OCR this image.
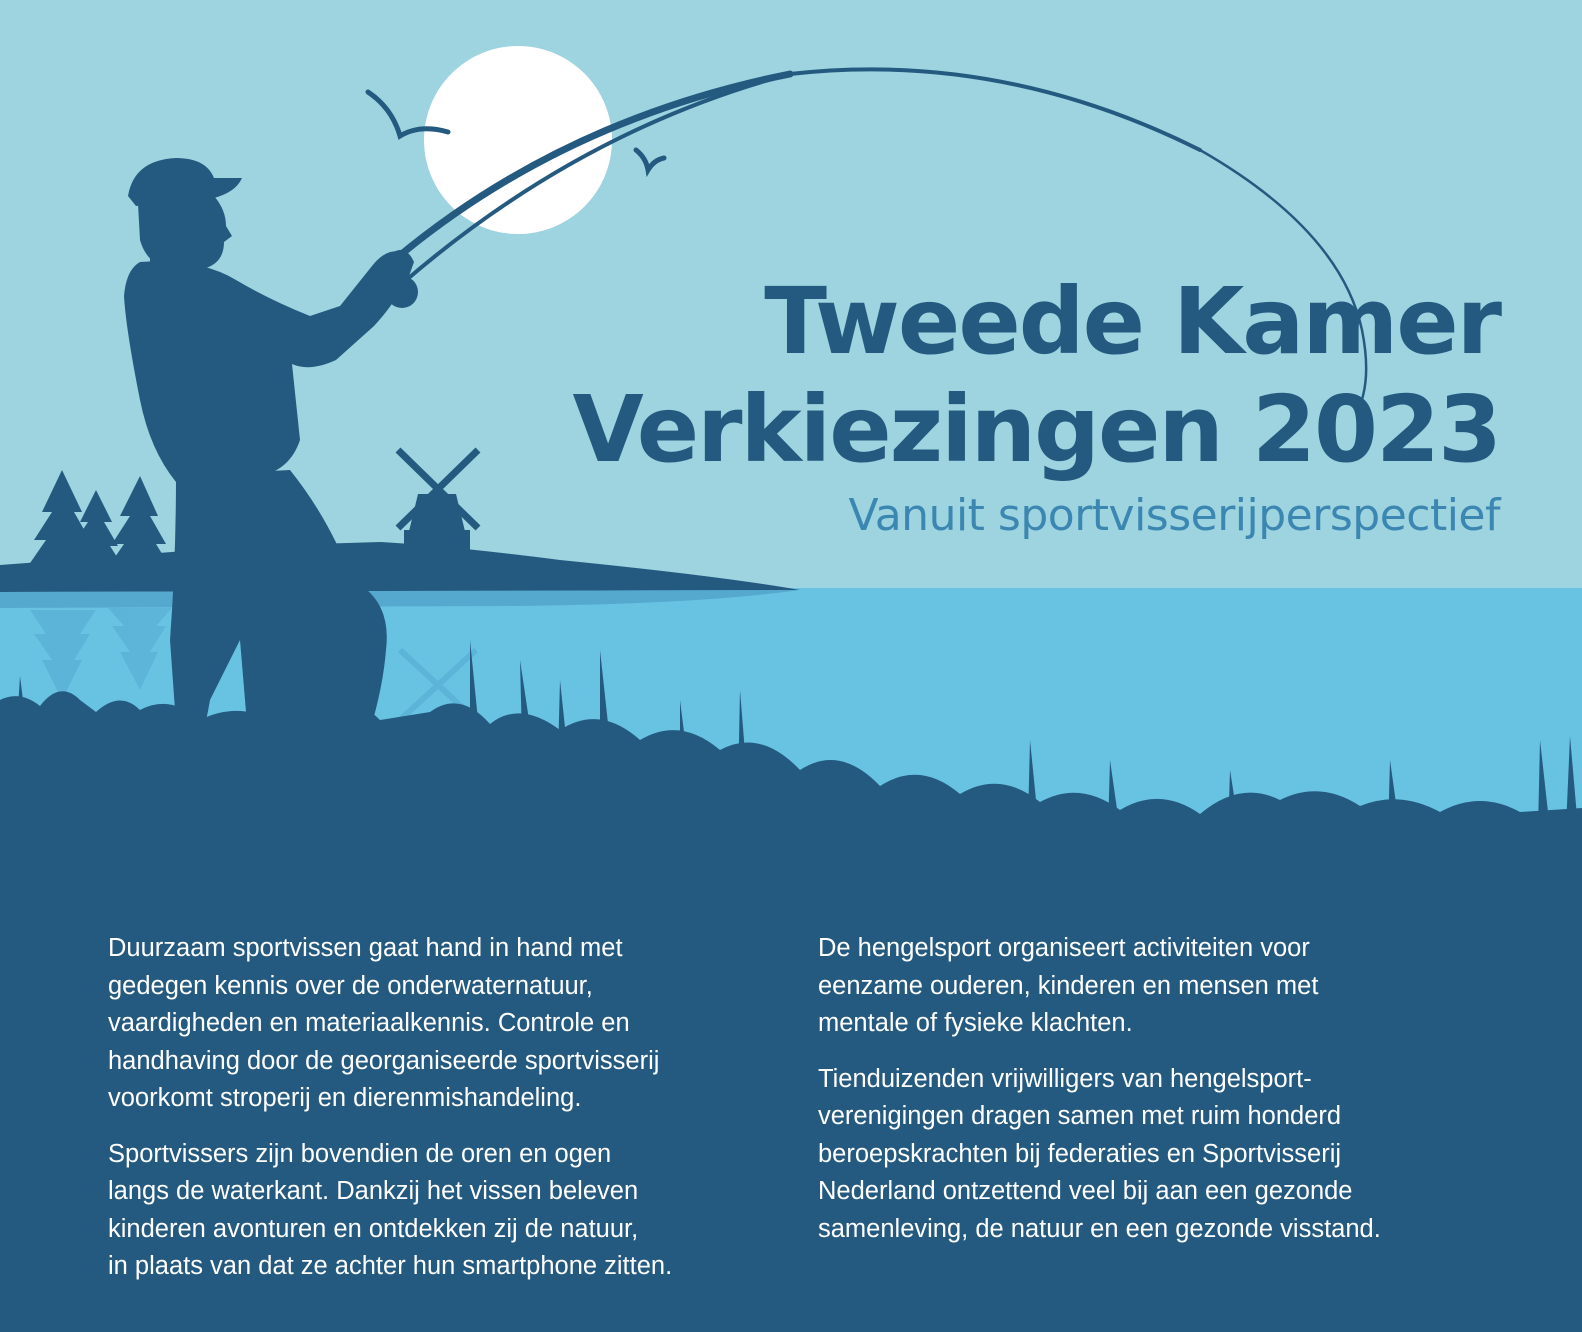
Tweede Kamer
Verkiezingen 2023
Vanuit sportvisserijperspectief

Duurzaam sportvissen gaat hand in hand met
gedegen kennis over de onderwaternatuur,
vaardigheden en materiaalkennis. Controle en
handhaving door de georganiseerde sportvisserij
voorkomt stroperij en dierenmishandeling.

Sportvissers zijn bovendien de oren en ogen
langs de waterkant. Dankzij het vissen beleven
kinderen avonturen en ontdekken zij de natuur,
in plaats van dat ze achter hun smartphone zitten.

De hengelsport organiseert activiteiten voor
eenzame ouderen, kinderen en mensen met
mentale of fysieke klachten.

Tienduizenden vrijwilligers van hengelsport-
verenigingen dragen samen met ruim honderd
beroepskrachten bij federaties en Sportvisserij
Nederland ontzettend veel bij aan een gezonde
samenleving, de natuur en een gezonde visstand.
